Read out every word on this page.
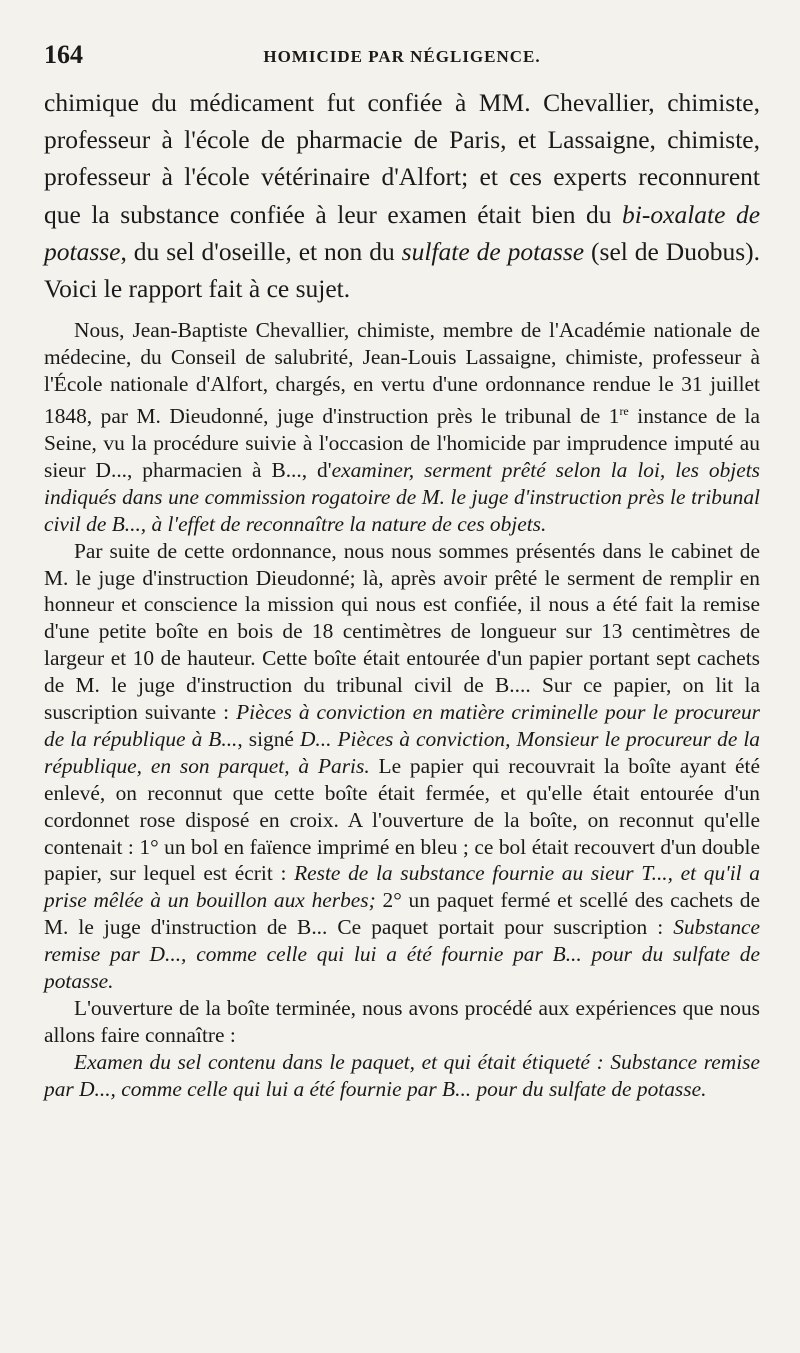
164	HOMICIDE PAR NÉGLIGENCE.

chimique du médicament fut confiée à MM. Chevallier, chimiste, professeur à l'école de pharmacie de Paris, et Lassaigne, chimiste, professeur à l'école vétérinaire d'Alfort; et ces experts reconnurent que la substance confiée à leur examen était bien du bi-oxalate de potasse, du sel d'oseille, et non du sulfate de potasse (sel de Duobus). Voici le rapport fait à ce sujet.

Nous, Jean-Baptiste Chevallier, chimiste, membre de l'Académie nationale de médecine, du Conseil de salubrité, Jean-Louis Lassaigne, chimiste, professeur à l'École nationale d'Alfort, chargés, en vertu d'une ordonnance rendue le 31 juillet 1848, par M. Dieudonné, juge d'instruction près le tribunal de 1re instance de la Seine, vu la procédure suivie à l'occasion de l'homicide par imprudence imputé au sieur D..., pharmacien à B..., d'examiner, serment prêté selon la loi, les objets indiqués dans une commission rogatoire de M. le juge d'instruction près le tribunal civil de B..., à l'effet de reconnaître la nature de ces objets.

Par suite de cette ordonnance, nous nous sommes présentés dans le cabinet de M. le juge d'instruction Dieudonné; là, après avoir prêté le serment de remplir en honneur et conscience la mission qui nous est confiée, il nous a été fait la remise d'une petite boîte en bois de 18 centimètres de longueur sur 13 centimètres de largeur et 10 de hauteur. Cette boîte était entourée d'un papier portant sept cachets de M. le juge d'instruction du tribunal civil de B.... Sur ce papier, on lit la suscription suivante : Pièces à conviction en matière criminelle pour le procureur de la république à B..., signé D... Pièces à conviction, Monsieur le procureur de la république, en son parquet, à Paris. Le papier qui recouvrait la boîte ayant été enlevé, on reconnut que cette boîte était fermée, et qu'elle était entourée d'un cordonnet rose disposé en croix. A l'ouverture de la boîte, on reconnut qu'elle contenait : 1° un bol en faïence imprimé en bleu ; ce bol était recouvert d'un double papier, sur lequel est écrit : Reste de la substance fournie au sieur T..., et qu'il a prise mêlée à un bouillon aux herbes; 2° un paquet fermé et scellé des cachets de M. le juge d'instruction de B... Ce paquet portait pour suscription : Substance remise par D..., comme celle qui lui a été fournie par B... pour du sulfate de potasse.

L'ouverture de la boîte terminée, nous avons procédé aux expériences que nous allons faire connaître :

Examen du sel contenu dans le paquet, et qui était étiqueté : Substance remise par D..., comme celle qui lui a été fournie par B... pour du sulfate de potasse.
